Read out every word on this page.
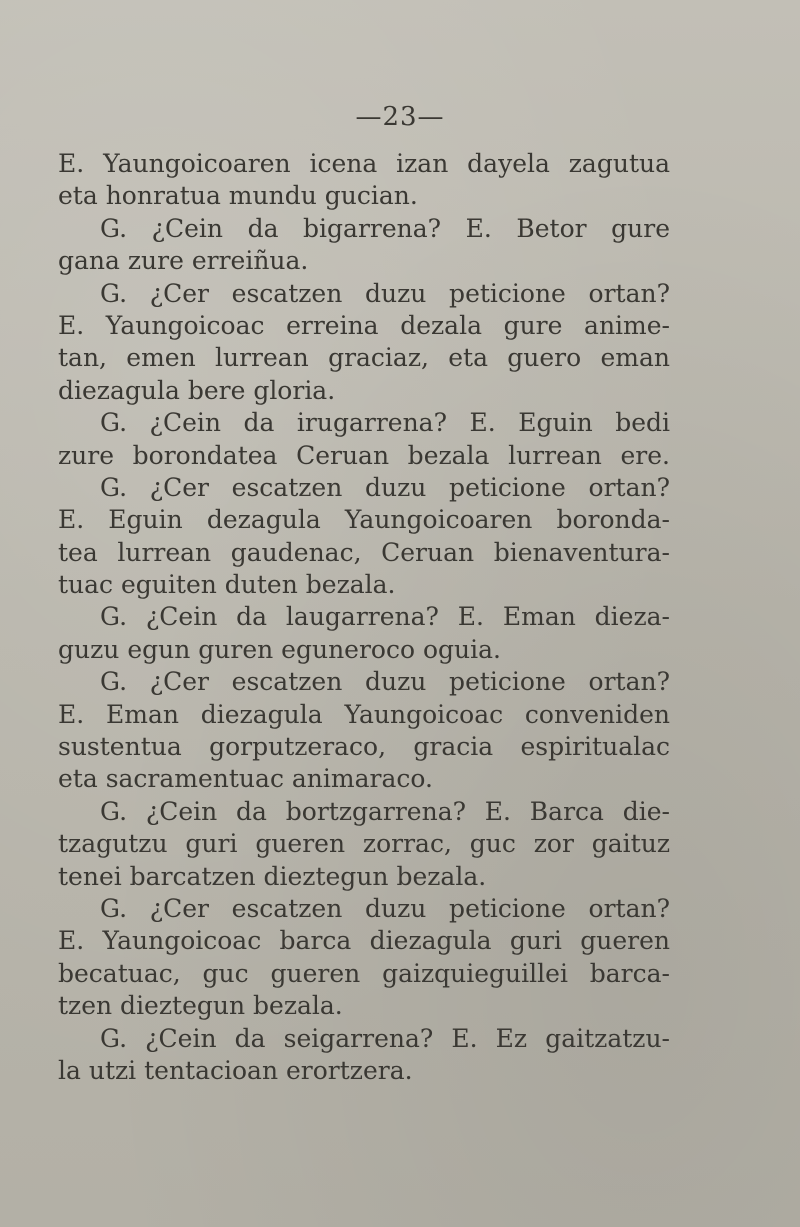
—23—
E. Yaungoicoaren icena izan dayela zagutua
eta honratua mundu gucian.
G. ¿Cein da bigarrena? E. Betor gure
gana zure erreiñua.
G. ¿Cer escatzen duzu peticione ortan?
E. Yaungoicoac erreina dezala gure anime-
tan, emen lurrean graciaz, eta guero eman
diezagula bere gloria.
G. ¿Cein da irugarrena? E. Eguin bedi
zure borondatea Ceruan bezala lurrean ere.
G. ¿Cer escatzen duzu peticione ortan?
E. Eguin dezagula Yaungoicoaren boronda-
tea lurrean gaudenac, Ceruan bienaventura-
tuac eguiten duten bezala.
G. ¿Cein da laugarrena? E. Eman dieza-
guzu egun guren egunerоco oguia.
G. ¿Cer escatzen duzu peticione ortan?
E. Eman diezagula Yaungoicoac conveniden
sustentua gorputzeraco, gracia espiritualac
eta sacramentuac animaraco.
G. ¿Cein da bortzgarrena? E. Barca die-
tzagutzu guri gueren zorrac, guc zor gaituz
tenei barcatzen dieztegun bezala.
G. ¿Cer escatzen duzu peticione ortan?
E. Yaungoicoac barca diezagula guri gueren
becatuac, guc gueren gaizquieguillei barca-
tzen dieztegun bezala.
G. ¿Cein da seigarrena? E. Ez gaitzatzu-
la utzi tentacioan erortzera.
